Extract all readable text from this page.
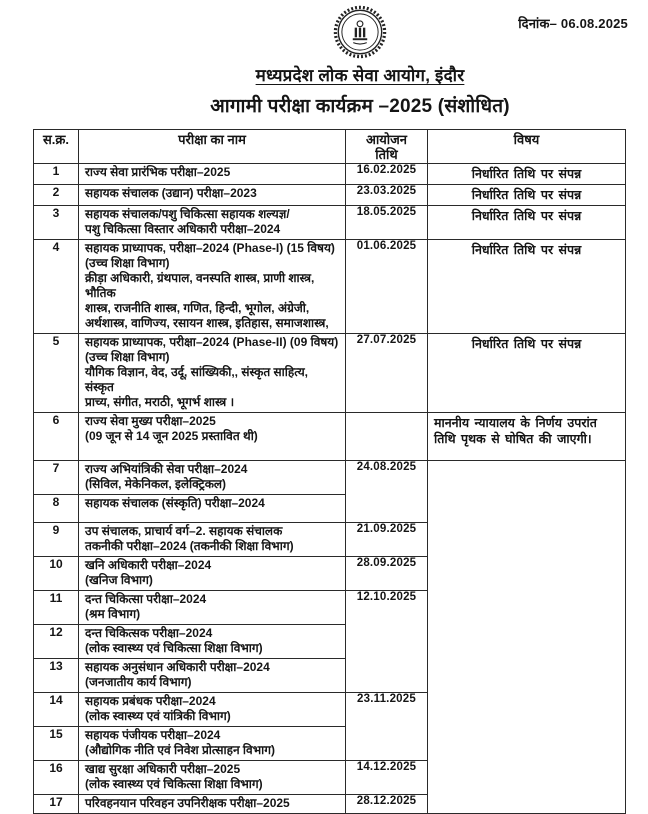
दिनांक– 06.08.2025
मध्यप्रदेश लोक सेवा आयोग, इंदौर
आगामी परीक्षा कार्यक्रम –2025 (संशोधित)
स.क्र.	परीक्षा का नाम	आयोजन
तिथि	विषय
1	राज्य सेवा प्रारंभिक परीक्षा–2025	16.02.2025	निर्धारित तिथि पर संपन्न
2	सहायक संचालक (उद्यान) परीक्षा–2023	23.03.2025	निर्धारित तिथि पर संपन्न
3	सहायक संचालक/पशु चिकित्सा सहायक शल्यज्ञ/
पशु चिकित्सा विस्तार अधिकारी परीक्षा–2024	18.05.2025	निर्धारित तिथि पर संपन्न
4	सहायक प्राध्यापक, परीक्षा–2024 (Phase-I) (15 विषय)
(उच्च शिक्षा विभाग)
क्रीड़ा अधिकारी, ग्रंथपाल, वनस्पति शास्त्र, प्राणी शास्त्र, भौतिक
शास्त्र, राजनीति शास्त्र, गणित, हिन्दी, भूगोल, अंग्रेजी,
अर्थशास्त्र, वाणिज्य, रसायन शास्त्र, इतिहास, समाजशास्त्र,	01.06.2025	निर्धारित तिथि पर संपन्न
5	सहायक प्राध्यापक, परीक्षा–2024 (Phase-II) (09 विषय)
(उच्च शिक्षा विभाग)
यौगिक विज्ञान, वेद, उर्दू, सांख्यिकी,, संस्कृत साहित्य, संस्कृत
प्राच्य, संगीत, मराठी, भूगर्भ शास्त्र ।	27.07.2025	निर्धारित तिथि पर संपन्न
6	राज्य सेवा मुख्य परीक्षा–2025
(09 जून से 14 जून 2025 प्रस्तावित थी)		माननीय न्यायालय के निर्णय उपरांत तिथि पृथक से घोषित की जाएगी।
7	राज्य अभियांत्रिकी सेवा परीक्षा–2024
(सिविल, मेकेनिकल, इलेक्ट्रिकल)	24.08.2025	
8	सहायक संचालक (संस्कृति) परीक्षा–2024		

9	उप संचालक, प्राचार्य वर्ग–2. सहायक संचालक
तकनीकी परीक्षा–2024 (तकनीकी शिक्षा विभाग)	21.09.2025	
10	खनि अधिकारी परीक्षा–2024
(खनिज विभाग)	28.09.2025	
11	दन्त चिकित्सा परीक्षा–2024
(श्रम विभाग)	12.10.2025	
12	दन्त चिकित्सक परीक्षा–2024
(लोक स्वास्थ्य एवं चिकित्सा शिक्षा विभाग)		

13	सहायक अनुसंधान अधिकारी परीक्षा–2024
(जनजातीय कार्य विभाग)		

14	सहायक प्रबंधक परीक्षा–2024
(लोक स्वास्थ्य एवं यांत्रिकी विभाग)	23.11.2025	
15	सहायक पंजीयक परीक्षा–2024
(औद्योगिक नीति एवं निवेश प्रोत्साहन विभाग)		

16	खाद्य सुरक्षा अधिकारी परीक्षा–2025
(लोक स्वास्थ्य एवं चिकित्सा शिक्षा विभाग)	14.12.2025	
17	परिवहनयान परिवहन उपनिरीक्षक परीक्षा–2025	28.12.2025	
